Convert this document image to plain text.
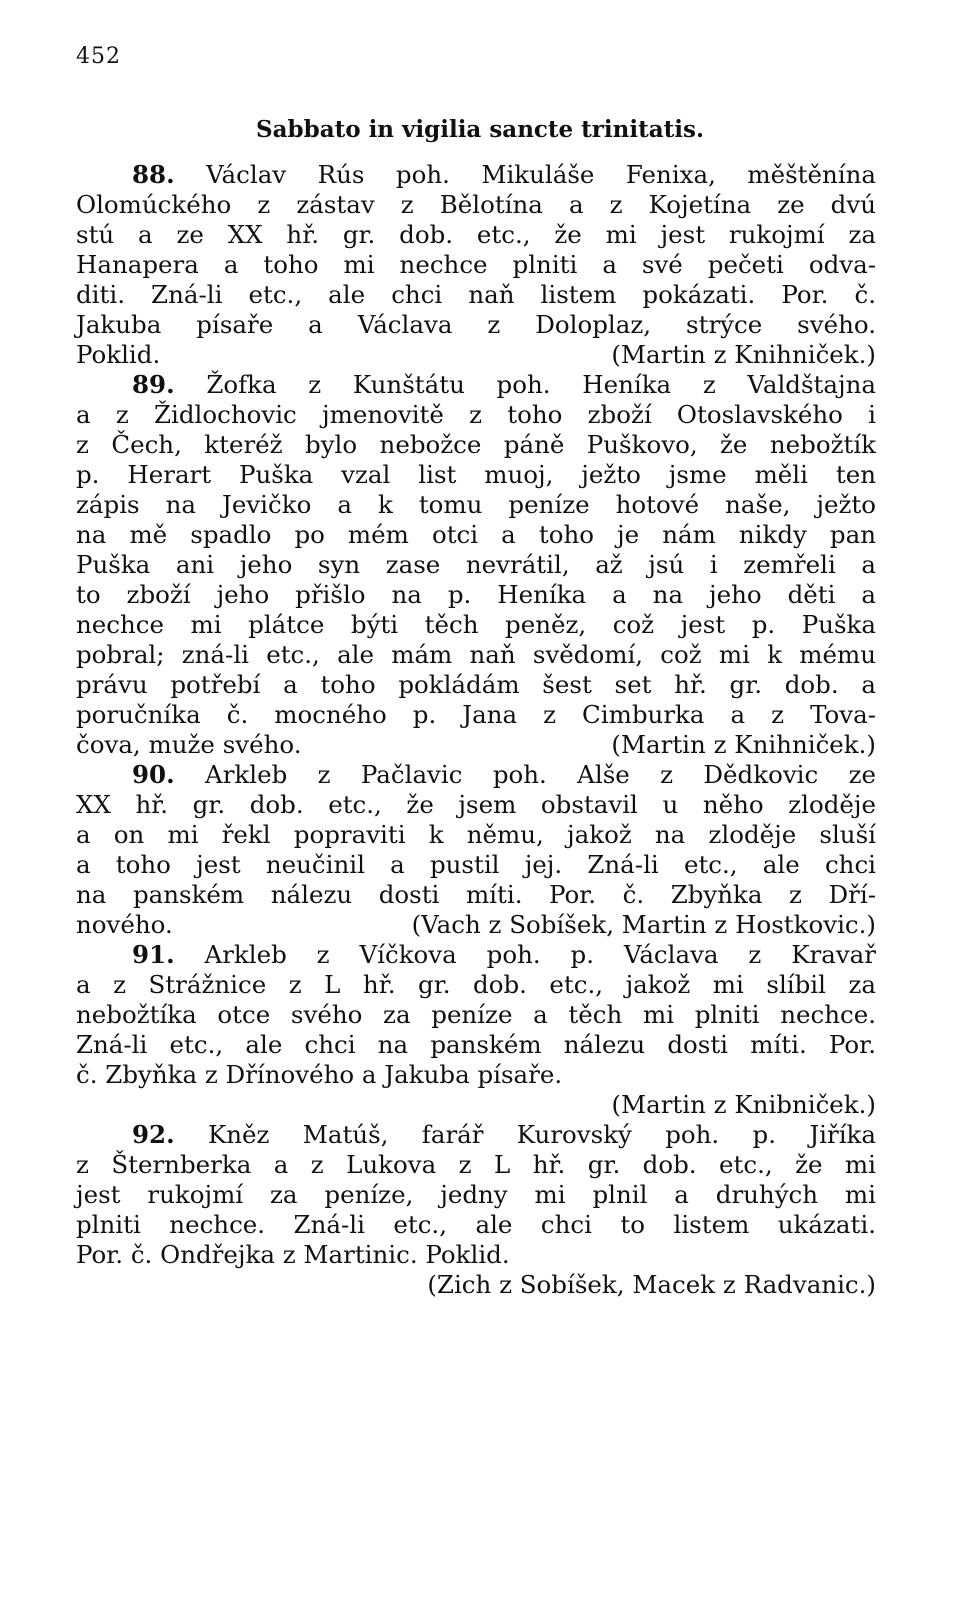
452
Sabbato in vigilia sancte trinitatis.
88. Václav Rús poh. Mikuláše Fenixa, měštěnína
Olomúckého z zástav z Bělotína a z Kojetína ze dvú
stú a ze XX hř. gr. dob. etc., že mi jest rukojmí za
Hanapera a toho mi nechce plniti a své pečeti odva-
diti. Zná-li etc., ale chci naň listem pokázati. Por. č.
Jakuba písaře a Václava z Doloplaz, strýce svého.
Poklid.	(Martin z Knihniček.)
89. Žofka z Kunštátu poh. Heníka z Valdštajna
a z Židlochovic jmenovitě z toho zboží Otoslavského i
z Čech, kteréž bylo nebožce páně Puškovo, že nebožtík
p. Herart Puška vzal list muoj, ježto jsme měli ten
zápis na Jevičko a k tomu peníze hotové naše, ježto
na mě spadlo po mém otci a toho je nám nikdy pan
Puška ani jeho syn zase nevrátil, až jsú i zemřeli a
to zboží jeho přišlo na p. Heníka a na jeho děti a
nechce mi plátce býti těch peněz, což jest p. Puška
pobral; zná-li etc., ale mám naň svědomí, což mi k mému
právu potřebí a toho pokládám šest set hř. gr. dob. a
poručníka č. mocného p. Jana z Cimburka a z Tova-
čova, muže svého.	(Martin z Knihniček.)
90. Arkleb z Pačlavic poh. Alše z Dědkovic ze
XX hř. gr. dob. etc., že jsem obstavil u něho zloděje
a on mi řekl popraviti k němu, jakož na zloděje sluší
a toho jest neučinil a pustil jej. Zná-li etc., ale chci
na panském nálezu dosti míti. Por. č. Zbyňka z Dří-
nového.	(Vach z Sobíšek, Martin z Hostkovic.)
91. Arkleb z Víčkova poh. p. Václava z Kravař
a z Strážnice z L hř. gr. dob. etc., jakož mi slíbil za
nebožtíka otce svého za peníze a těch mi plniti nechce.
Zná-li etc., ale chci na panském nálezu dosti míti. Por.
č. Zbyňka z Dřínového a Jakuba písaře.
(Martin z Knibniček.)
92. Kněz Matúš, farář Kurovský poh. p. Jiříka
z Šternberka a z Lukova z L hř. gr. dob. etc., že mi
jest rukojmí za peníze, jedny mi plnil a druhých mi
plniti nechce. Zná-li etc., ale chci to listem ukázati.
Por. č. Ondřejka z Martinic. Poklid.
(Zich z Sobíšek, Macek z Radvanic.)
